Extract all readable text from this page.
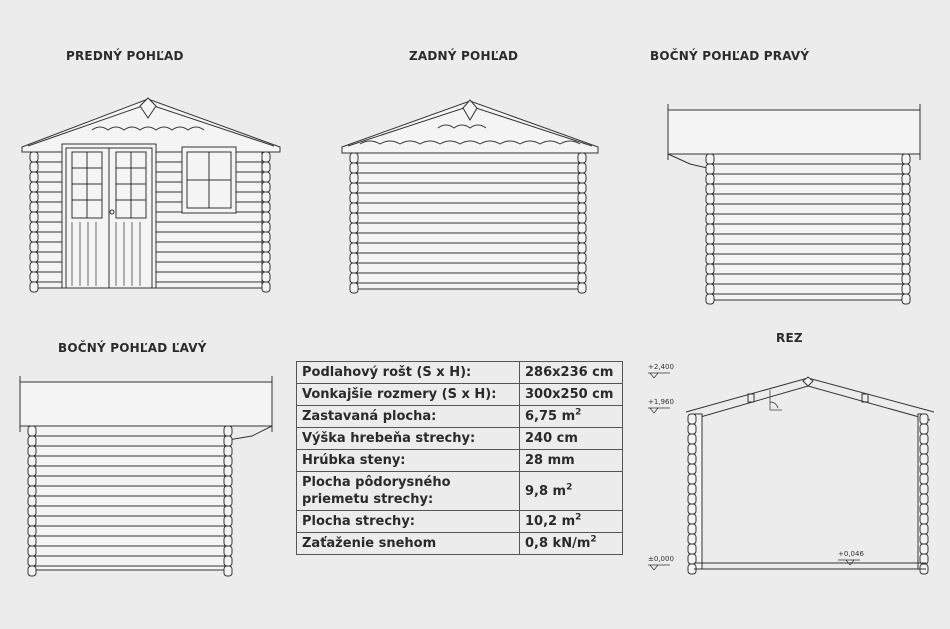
PREDNÝ POHĽAD	ZADNÝ POHĽAD	BOČNÝ POHĽAD PRAVÝ
BOČNÝ POHĽAD ĽAVÝ
REZ
+2,400
+1,960
±0,000
+0,046
Podlahový rošt (S x H):	286x236 cm
Vonkajšie rozmery (S x H):	300x250 cm
Zastavaná plocha:	6,75 $m^2$
Výška hrebeňa strechy:	240 cm
Hrúbka steny:	28 mm
Plocha pôdorysného priemetu strechy:	9,8 $m^2$
Plocha strechy:	10,2 $m^2$
Zaťaženie snehom	0,8 $kN/m^2$
